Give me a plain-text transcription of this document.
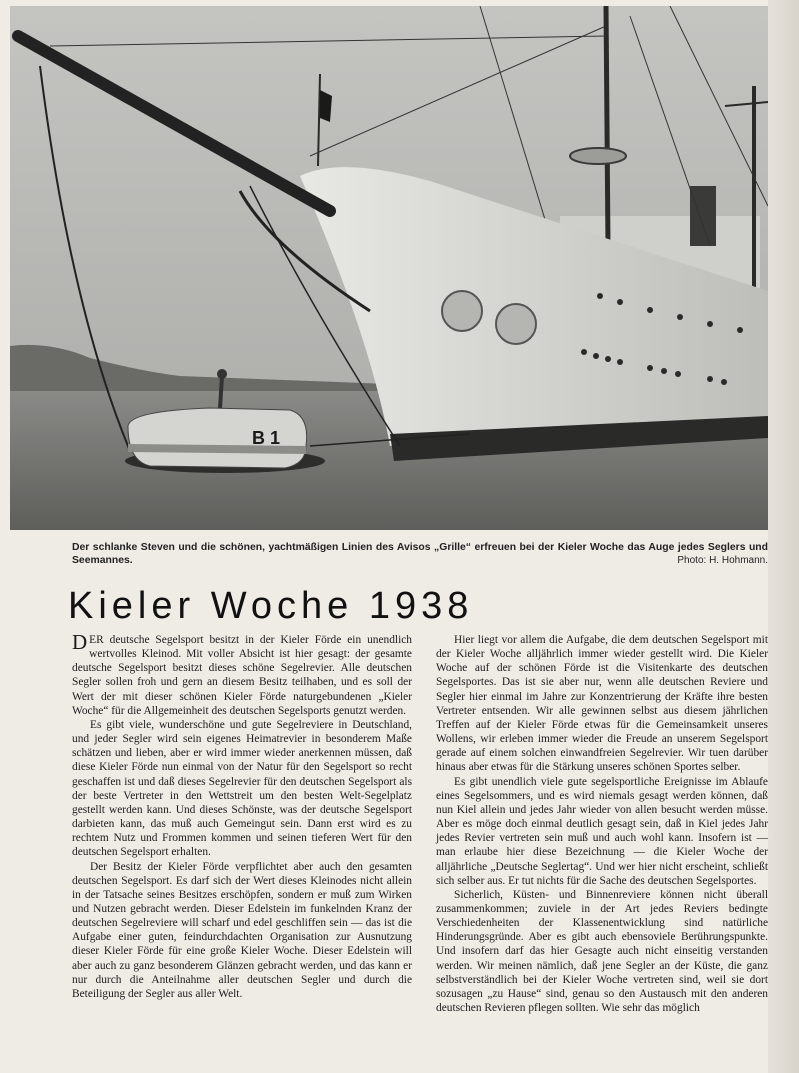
B 1
Der schlanke Steven und die schönen, yachtmäßigen Linien des Avisos „Grille“ erfreuen bei der Kieler Woche das Auge jedes Seglers und Seemannes.	Photo: H. Hohmann.
Kieler Woche 1938

DER deutsche Segelsport besitzt in der Kieler Förde ein unendlich wertvolles Kleinod. Mit voller Absicht ist hier gesagt: der gesamte deutsche Segelsport besitzt dieses schöne Segelrevier. Alle deutschen Segler sollen froh und gern an diesem Besitz teilhaben, und es soll der Wert der mit dieser schönen Kieler Förde naturgebundenen „Kieler Woche“ für die Allgemeinheit des deutschen Segelsports genutzt werden.

Es gibt viele, wunderschöne und gute Segelreviere in Deutschland, und jeder Segler wird sein eigenes Heimatrevier in besonderem Maße schätzen und lieben, aber er wird immer wieder anerkennen müssen, daß diese Kieler Förde nun einmal von der Natur für den Segelsport so recht geschaffen ist und daß dieses Segelrevier für den deutschen Segelsport als der beste Vertreter in den Wettstreit um den besten Welt-Segelplatz gestellt werden kann. Und dieses Schönste, was der deutsche Segelsport darbieten kann, das muß auch Gemeingut sein. Dann erst wird es zu rechtem Nutz und Frommen kommen und seinen tieferen Wert für den deutschen Segelsport erhalten.

Der Besitz der Kieler Förde verpflichtet aber auch den gesamten deutschen Segelsport. Es darf sich der Wert dieses Kleinodes nicht allein in der Tatsache seines Besitzes erschöpfen, sondern er muß zum Wirken und Nutzen gebracht werden. Dieser Edelstein im funkelnden Kranz der deutschen Segelreviere will scharf und edel geschliffen sein — das ist die Aufgabe einer guten, feindurchdachten Organisation zur Ausnutzung dieser Kieler Förde für eine große Kieler Woche. Dieser Edelstein will aber auch zu ganz besonderem Glänzen gebracht werden, und das kann er nur durch die Anteilnahme aller deutschen Segler und durch die Beteiligung der Segler aus aller Welt.

Hier liegt vor allem die Aufgabe, die dem deutschen Segelsport mit der Kieler Woche alljährlich immer wieder gestellt wird. Die Kieler Woche auf der schönen Förde ist die Visitenkarte des deutschen Segelsportes. Das ist sie aber nur, wenn alle deutschen Reviere und Segler hier einmal im Jahre zur Konzentrierung der Kräfte ihre besten Vertreter entsenden. Wir alle gewinnen selbst aus diesem jährlichen Treffen auf der Kieler Förde etwas für die Gemeinsamkeit unseres Wollens, wir erleben immer wieder die Freude an unserem Segelsport gerade auf einem solchen einwandfreien Segelrevier. Wir tuen darüber hinaus aber etwas für die Stärkung unseres schönen Sportes selber.

Es gibt unendlich viele gute segelsportliche Ereignisse im Ablaufe eines Segelsommers, und es wird niemals gesagt werden können, daß nun Kiel allein und jedes Jahr wieder von allen besucht werden müsse. Aber es möge doch einmal deutlich gesagt sein, daß in Kiel jedes Jahr jedes Revier vertreten sein muß und auch wohl kann. Insofern ist — man erlaube hier diese Bezeichnung — die Kieler Woche der alljährliche „Deutsche Seglertag“. Und wer hier nicht erscheint, schließt sich selber aus. Er tut nichts für die Sache des deutschen Segelsportes.

Sicherlich, Küsten- und Binnenreviere können nicht überall zusammenkommen; zuviele in der Art jedes Reviers bedingte Verschiedenheiten der Klassenentwicklung sind natürliche Hinderungsgründe. Aber es gibt auch ebensoviele Berührungspunkte. Und insofern darf das hier Gesagte auch nicht einseitig verstanden werden. Wir meinen nämlich, daß jene Segler an der Küste, die ganz selbstverständlich bei der Kieler Woche vertreten sind, weil sie dort sozusagen „zu Hause“ sind, genau so den Austausch mit den anderen deutschen Revieren pflegen sollten. Wie sehr das möglich
